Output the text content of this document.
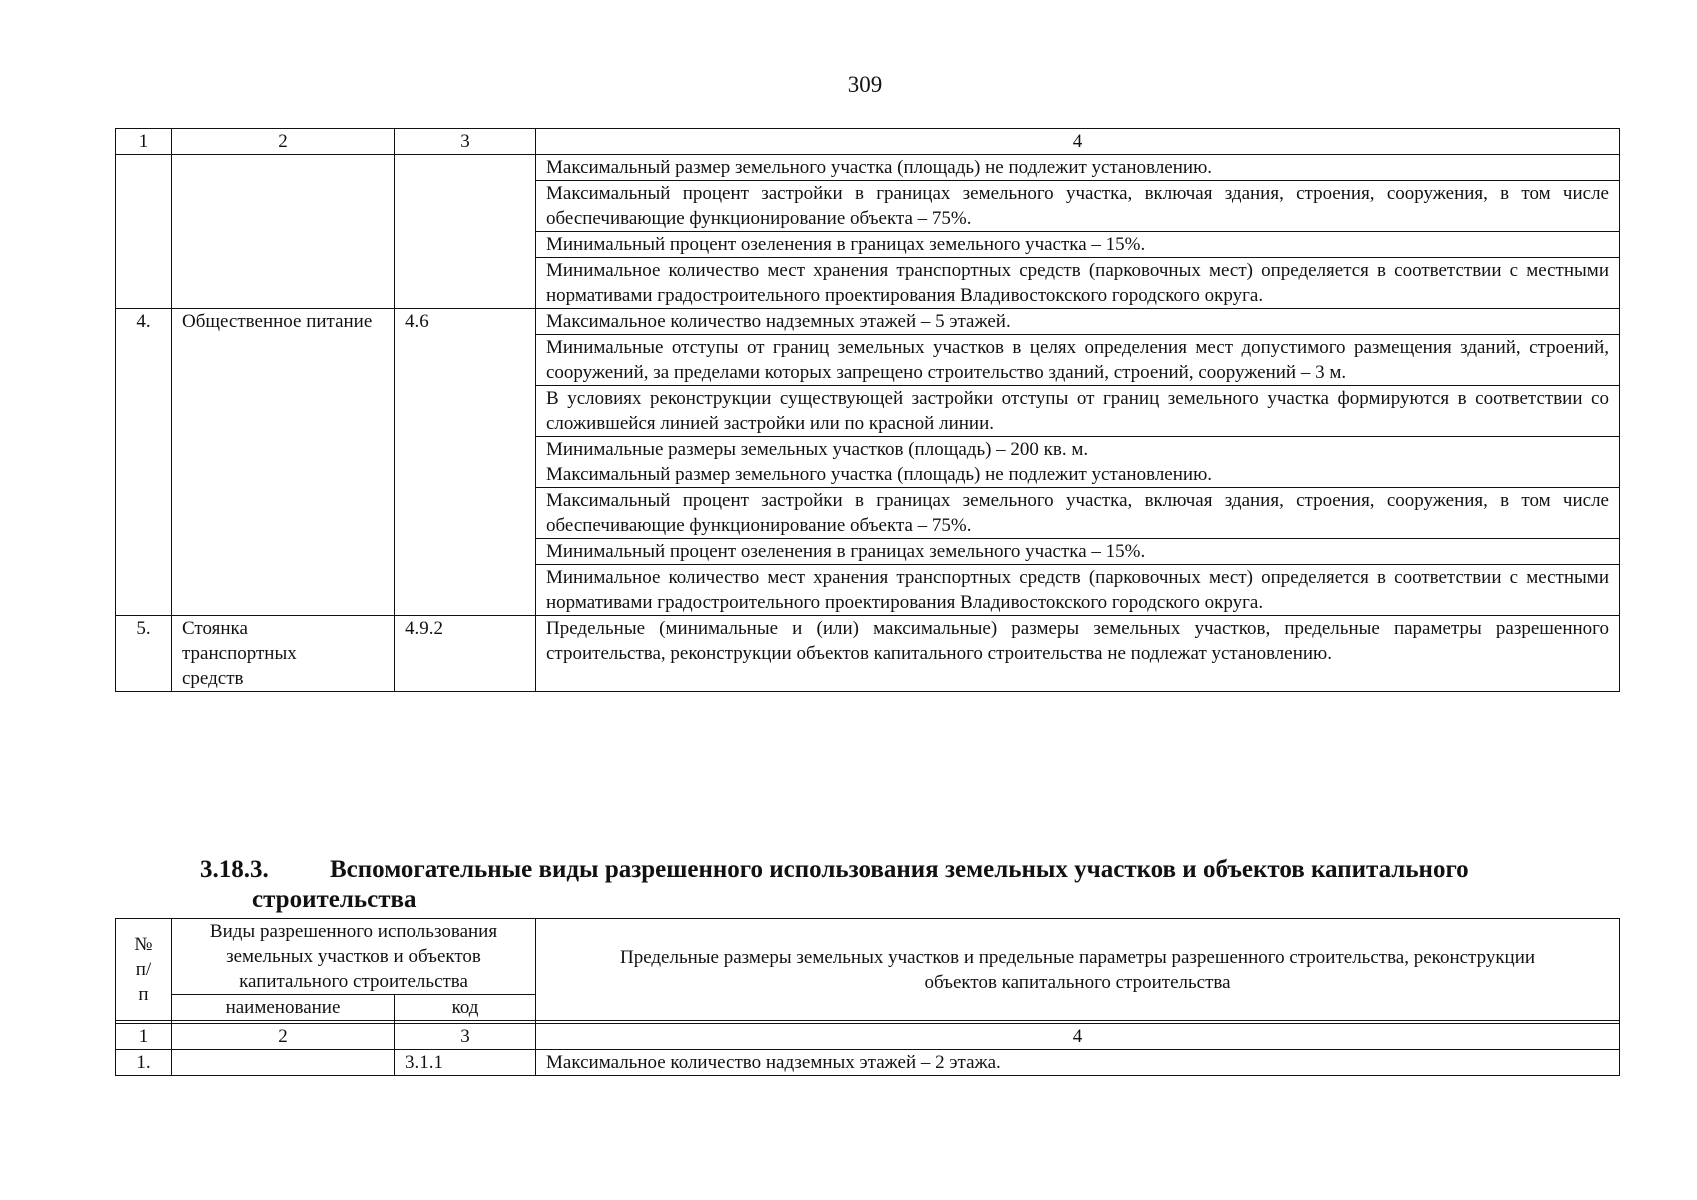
309
1	2	3	4
			Максимальный размер земельного участка (площадь) не подлежит установлению.
			Максимальный процент застройки в границах земельного участка, включая здания, строения, сооружения, в том числе обеспечивающие функционирование объекта – 75%.
			Минимальный процент озеленения в границах земельного участка – 15%.
			Минимальное количество мест хранения транспортных средств (парковочных мест) определяется в соответствии с местными нормативами градостроительного проектирования Владивостокского городского округа.
4.	Общественное питание	4.6	Максимальное количество надземных этажей – 5 этажей.
			Минимальные отступы от границ земельных участков в целях определения мест допустимого размещения зданий, строений, сооружений, за пределами которых запрещено строительство зданий, строений, сооружений – 3 м.
			В условиях реконструкции существующей застройки отступы от границ земельного участка формируются в соответствии со сложившейся линией застройки или по красной линии.

			Минимальные размеры земельных участков (площадь) – 200 кв. м.
Максимальный размер земельного участка (площадь) не подлежит установлению.

			Максимальный процент застройки в границах земельного участка, включая здания, строения, сооружения, в том числе обеспечивающие функционирование объекта – 75%.
			Минимальный процент озеленения в границах земельного участка – 15%.
			Минимальное количество мест хранения транспортных средств (парковочных мест) определяется в соответствии с местными нормативами градостроительного проектирования Владивостокского городского округа.
5.	Стоянка транспортных средств	4.9.2	Предельные (минимальные и (или) максимальные) размеры земельных участков, предельные параметры разрешенного строительства, реконструкции объектов капитального строительства не подлежат установлению.
3.18.3. Вспомогательные виды разрешенного использования земельных участков и объектов капитального
строительства
№ п/п	Виды разрешенного использования земельных участков и объектов капитального строительства		Предельные размеры земельных участков и предельные параметры разрешенного строительства, реконструкции объектов капитального строительства
	наименование	код	

1	2	3	4
1.		3.1.1	Максимальное количество надземных этажей – 2 этажа.
